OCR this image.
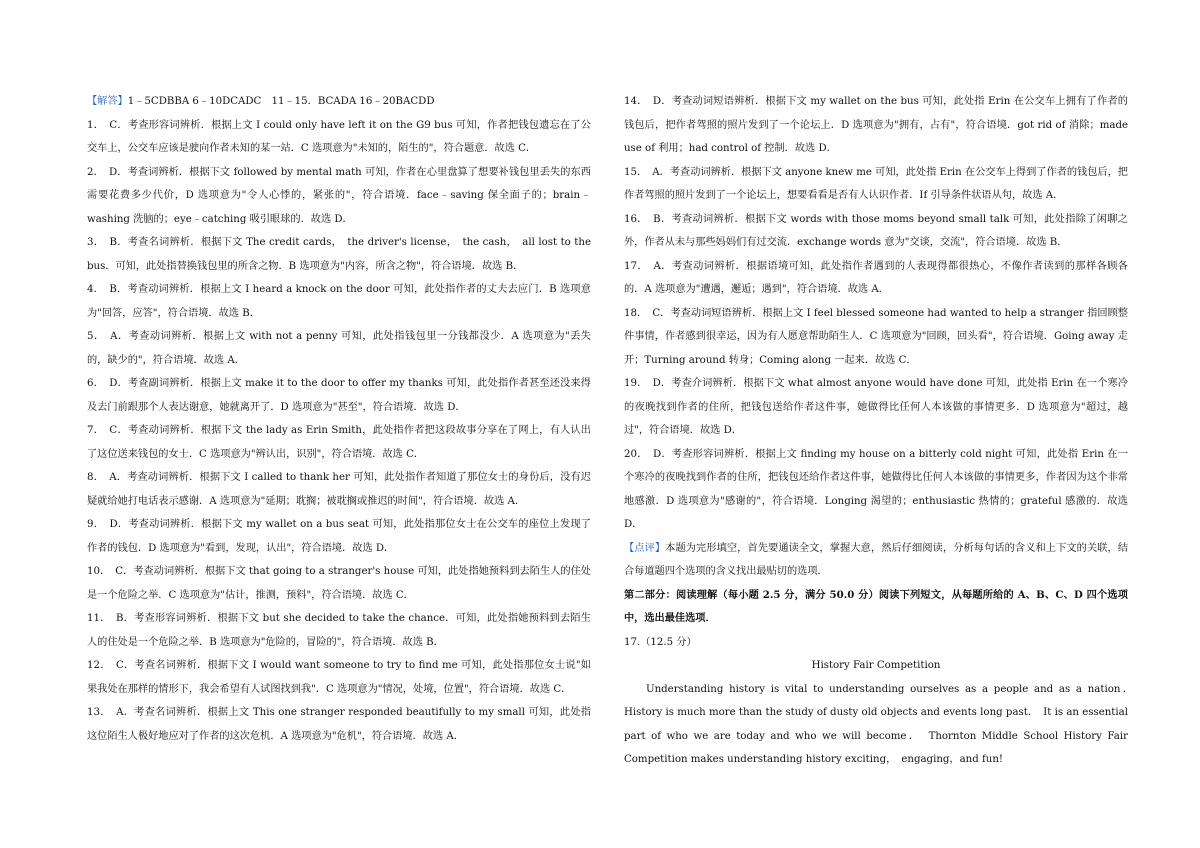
【解答】1﹣5CDBBA 6﹣10DCADC　11﹣15．BCADA 16﹣20BACDD

1．　C．考查形容词辨析．根据上文 I could only have left it on the G9 bus 可知，作者把钱包遗忘在了公交车上，公交车应该是驶向作者未知的某一站．C 选项意为"未知的，陌生的"，符合题意．故选 C．

2．　D．考查词辨析．根据下文 followed by mental math 可知，作者在心里盘算了想要补钱包里丢失的东西需要花费多少代价，D 选项意为"令人心悸的，紧张的"，符合语境．face﹣saving 保全面子的；brain﹣washing 洗脑的；eye﹣catching 吸引眼球的．故选 D．

3．　B．考查名词辨析．根据下文 The credit cards，　the driver's license，　the cash，　all lost to the bus．可知，此处指替换钱包里的所含之物．B 选项意为"内容，所含之物"，符合语境．故选 B．

4．　B．考查动词辨析．根据上文 I heard a knock on the door 可知，此处指作者的丈夫去应门．B 选项意为"回答，应答"，符合语境．故选 B．

5．　A．考查动词辨析．根据上文 with not a penny 可知，此处指钱包里一分钱都没少．A 选项意为"丢失的，缺少的"，符合语境．故选 A．

6．　D．考查副词辨析．根据上文 make it to the door to offer my thanks 可知，此处指作者甚至还没来得及去门前跟那个人表达谢意，她就离开了．D 选项意为"甚至"，符合语境．故选 D．

7．　C．考查动词辨析．根据下文 the lady as Erin Smith，此处指作者把这段故事分享在了网上，有人认出了这位送来钱包的女士．C 选项意为"辨认出，识别"，符合语境．故选 C．

8．　A．考查动词辨析．根据下文 I called to thank her 可知，此处指作者知道了那位女士的身份后，没有迟疑就给她打电话表示感谢．A 选项意为"延期；耽搁；被耽搁或推迟的时间"，符合语境．故选 A．

9．　D．考查动词辨析．根据下文 my wallet on a bus seat 可知，此处指那位女士在公交车的座位上发现了作者的钱包．D 选项意为"看到，发现，认出"，符合语境．故选 D．

10．　C．考查动词辨析．根据下文 that going to a stranger's house 可知，此处指她预料到去陌生人的住处是一个危险之举．C 选项意为"估计，推测，预料"，符合语境．故选 C．

11．　B．考查形容词辨析．根据下文 but she decided to take the chance．可知，此处指她预料到去陌生人的住处是一个危险之举．B 选项意为"危险的，冒险的"，符合语境．故选 B．

12．　C．考查名词辨析．根据下文 I would want someone to try to find me 可知，此处指那位女士说"如果我处在那样的情形下，我会希望有人试图找到我"．C 选项意为"情况，处境，位置"，符合语境．故选 C．

13．　A．考查名词辨析．根据上文 This one stranger responded beautifully to my small 可知，此处指这位陌生人极好地应对了作者的这次危机．A 选项意为"危机"，符合语境．故选 A．

14．　D．考查动词短语辨析．根据下文 my wallet on the bus 可知，此处指 Erin 在公交车上拥有了作者的钱包后，把作者驾照的照片发到了一个论坛上．D 选项意为"拥有，占有"，符合语境．got rid of 消除；made use of 利用；had control of 控制．故选 D．

15．　A．考查动词辨析．根据下文 anyone knew me 可知，此处指 Erin 在公交车上得到了作者的钱包后，把作者驾照的照片发到了一个论坛上，想要看看是否有人认识作者．If 引导条件状语从句，故选 A．

16．　B．考查动词辨析．根据下文 words with those moms beyond small talk 可知，此处指除了闲聊之外，作者从未与那些妈妈们有过交流．exchange words 意为"交谈，交流"，符合语境．故选 B．

17．　A．考查动词辨析．根据语境可知，此处指作者遇到的人表现得都很热心，不像作者读到的那样各顾各的．A 选项意为"遭遇，邂逅；遇到"，符合语境．故选 A．

18．　C．考查动词短语辨析．根据上文 I feel blessed someone had wanted to help a stranger 指回顾整件事情，作者感到很幸运，因为有人愿意帮助陌生人．C 选项意为"回顾，回头看"，符合语境．Going away 走开；Turning around 转身；Coming along 一起来．故选 C．

19．　D．考查介词辨析．根据下文 what almost anyone would have done 可知，此处指 Erin 在一个寒冷的夜晚找到作者的住所，把钱包送给作者这件事，她做得比任何人本该做的事情更多．D 选项意为"超过，越过"，符合语境．故选 D．

20．　D．考查形容词辨析．根据上文 finding my house on a bitterly cold night 可知，此处指 Erin 在一个寒冷的夜晚找到作者的住所，把钱包还给作者这件事，她做得比任何人本该做的事情更多，作者因为这个非常地感激．D 选项意为"感谢的"，符合语境．Longing 渴望的；enthusiastic 热情的；grateful 感激的．故选 D．

【点评】本题为完形填空，首先要通读全文，掌握大意，然后仔细阅读，分析每句话的含义和上下文的关联，结合每道题四个选项的含义找出最贴切的选项．

第二部分：阅读理解（每小题 2.5 分，满分 50.0 分）阅读下列短文，从每题所给的 A、B、C、D 四个选项中，选出最佳选项．

17.（12.5 分）

History Fair Competition

Understanding history is vital to understanding ourselves as a people and as a nation．　History is much more than the study of dusty old objects and events long past．　It is an essential part of who we are today and who we will become．　Thornton Middle School History Fair Competition makes understanding history exciting，　engaging，and fun!
